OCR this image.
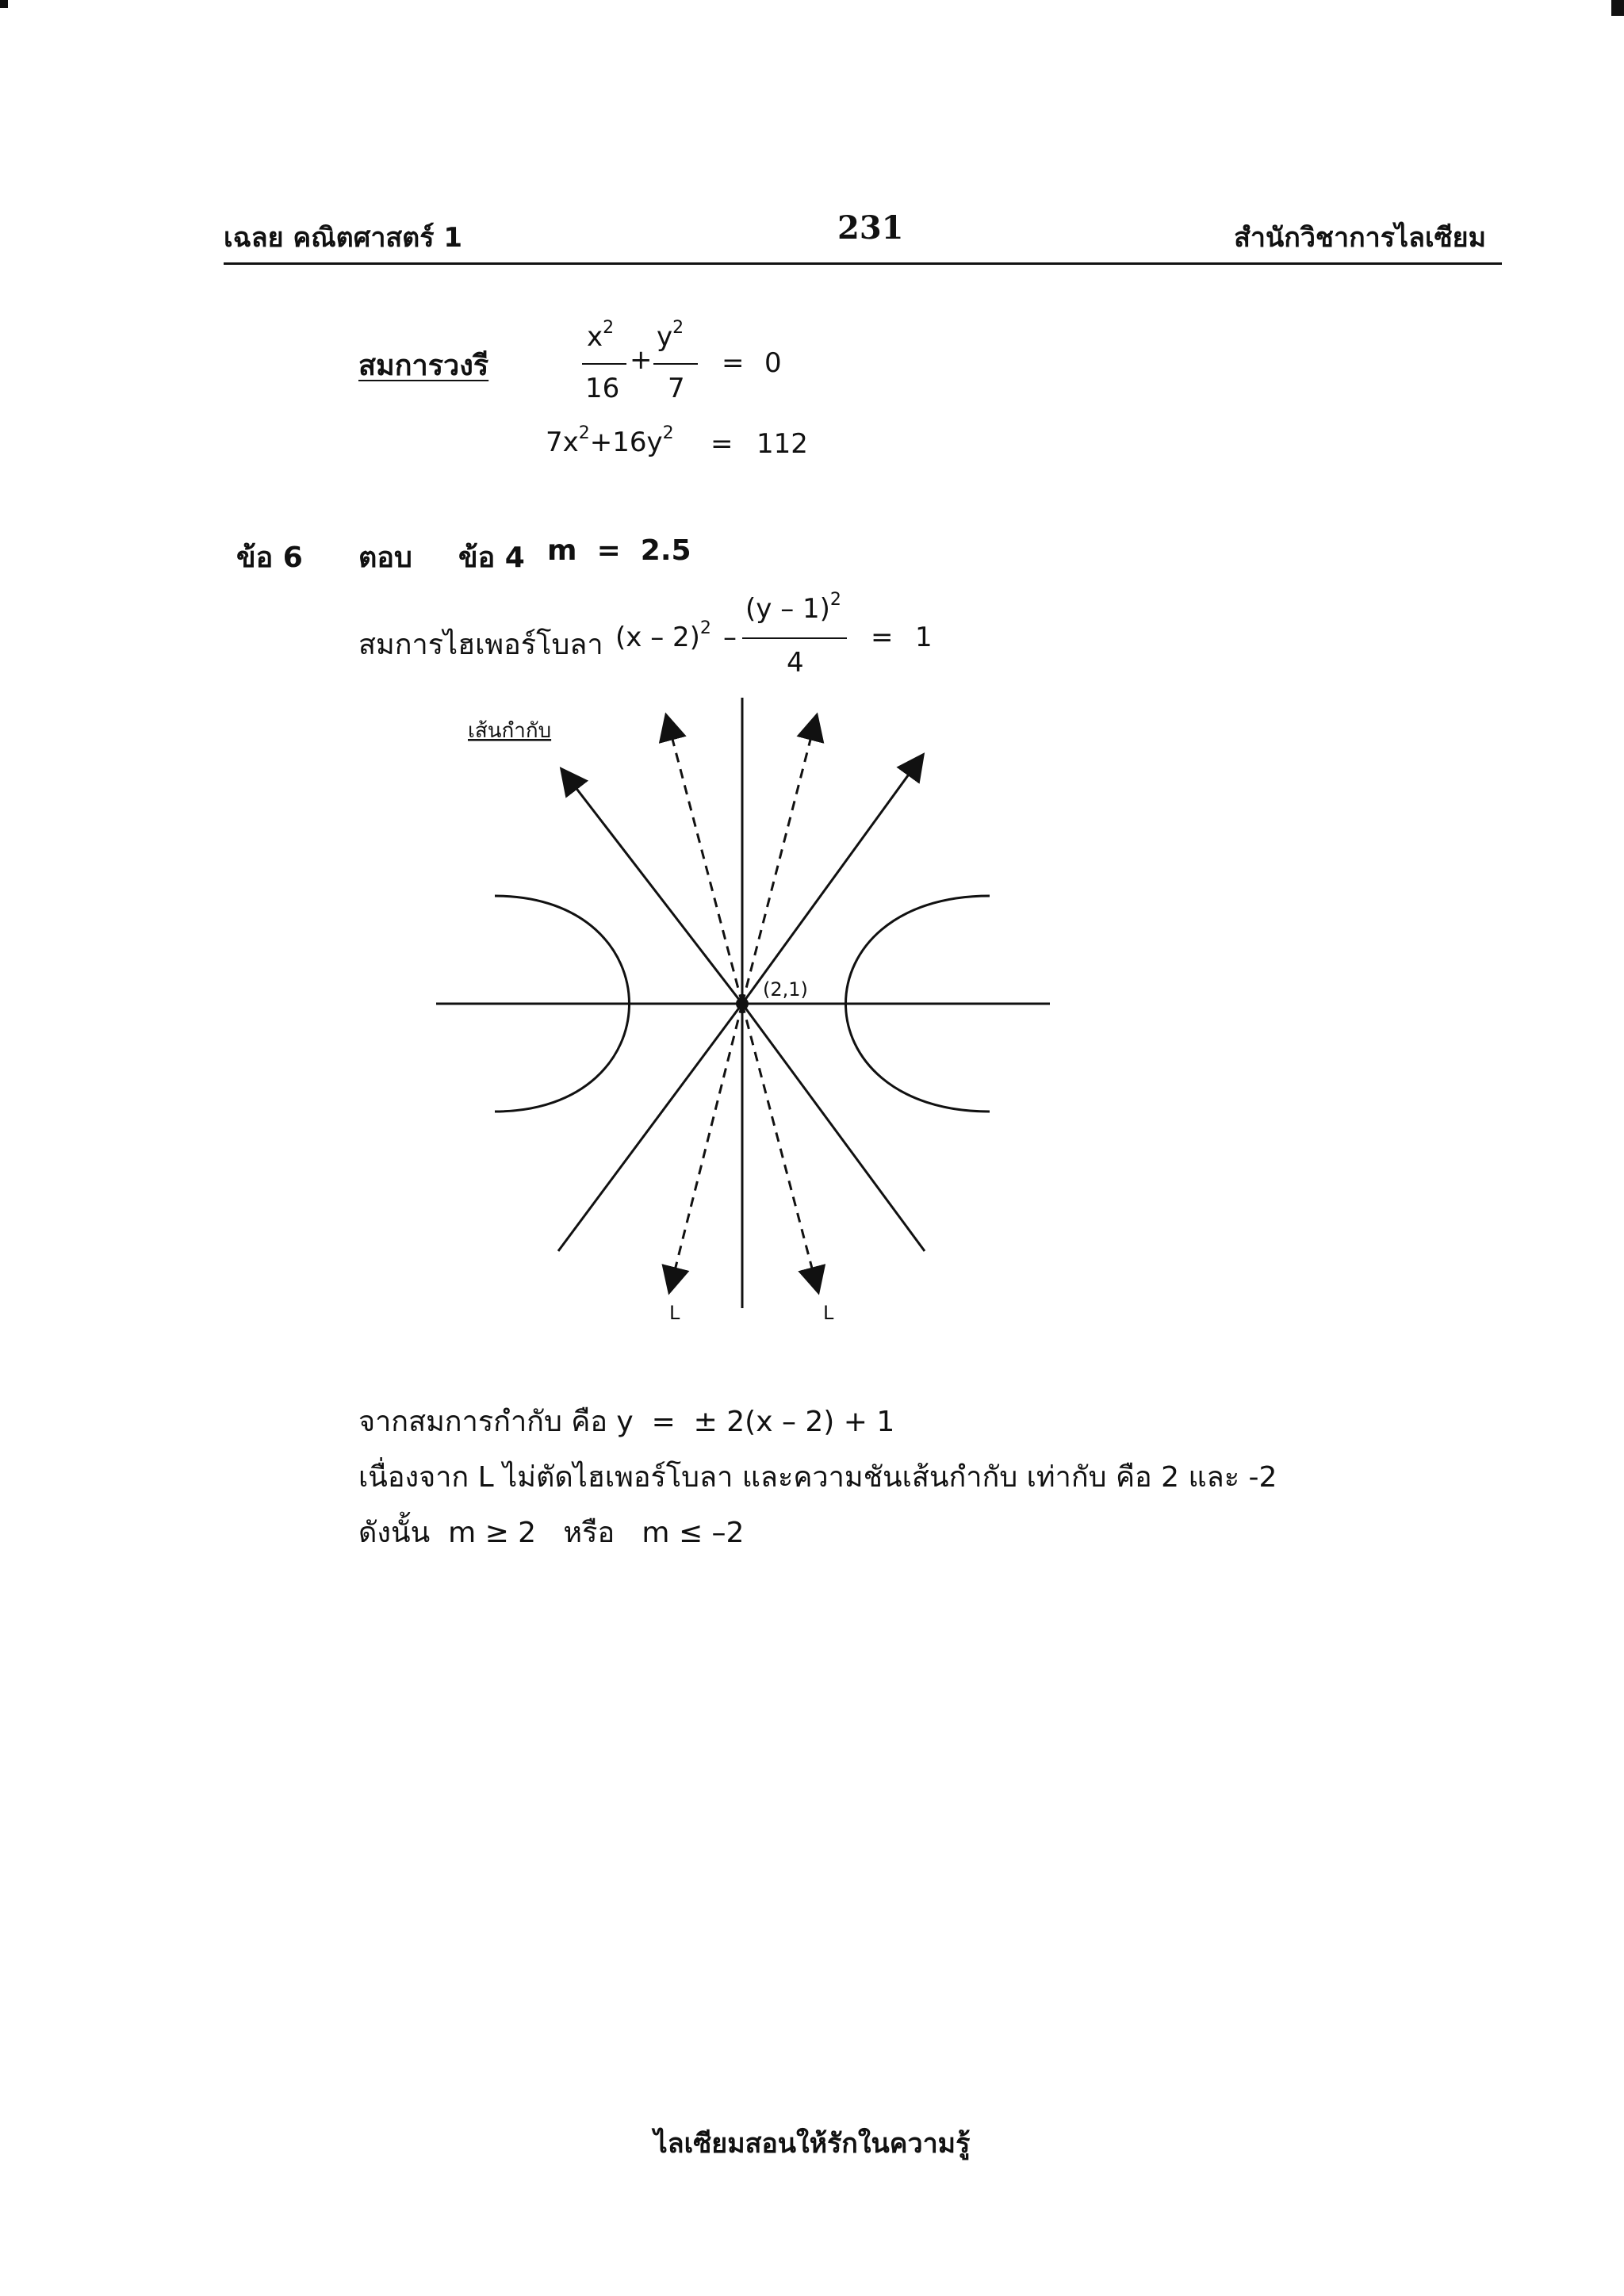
เฉลย คณิตศาสตร์ 1	231	สำนักวิชาการไลเซียม
สมการวงรี
$x^2$
16
+
$y^2$
7
= 0
$7x^2+16y^2 = 112$
ข้อ 6 ตอบ ข้อ 4 m  =  2.5
สมการไฮเพอร์โบลา (x – 2)$^2$ –
(y – 1)$^2$
4
= 1
เส้นกำกับ
(2,1)
L	L
จากสมการกำกับ คือ y  =  ± 2(x – 2) + 1
เนื่องจาก L ไม่ตัดไฮเพอร์โบลา และความชันเส้นกำกับ เท่ากับ คือ 2 และ -2
ดังนั้น  m ≥ 2   หรือ   m ≤ –2
ไลเซียมสอนให้รักในความรู้
